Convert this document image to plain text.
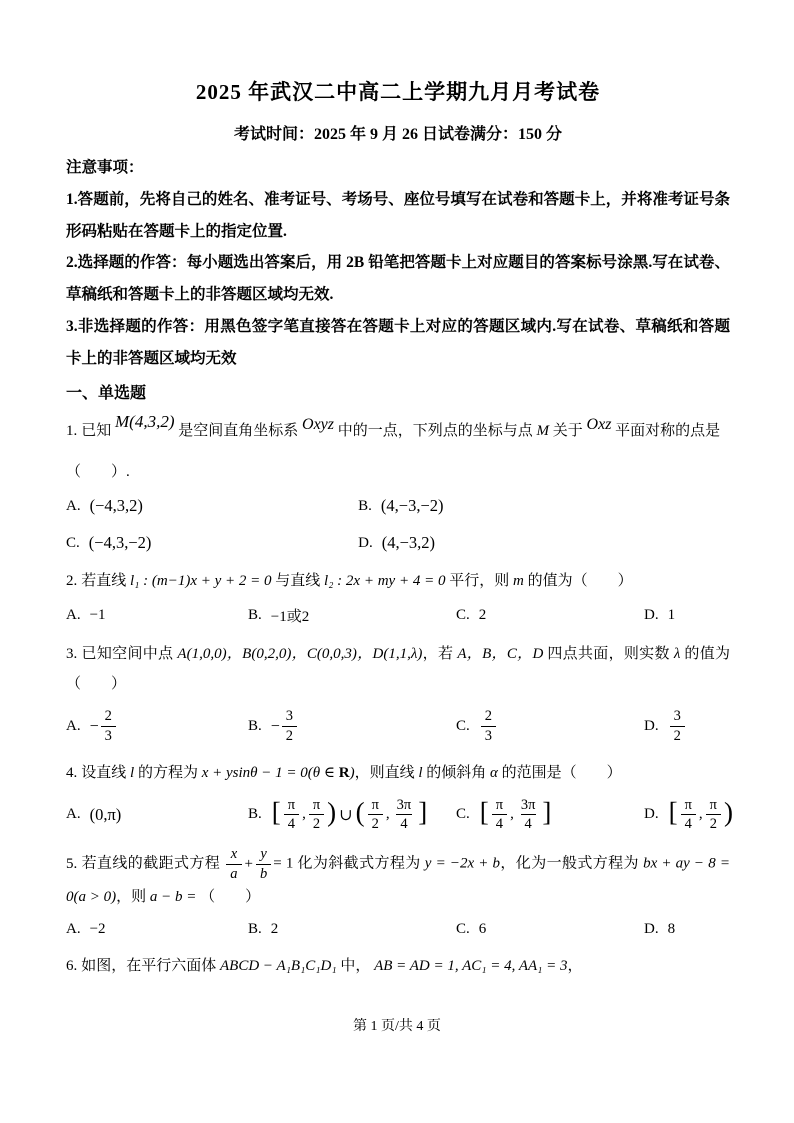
2025 年武汉二中高二上学期九月月考试卷
考试时间：2025 年 9 月 26 日试卷满分：150 分

注意事项：

1.答题前，先将自己的姓名、准考证号、考场号、座位号填写在试卷和答题卡上，并将准考证号条形码粘贴在答题卡上的指定位置.

2.选择题的作答：每小题选出答案后，用 2B 铅笔把答题卡上对应题目的答案标号涂黑.写在试卷、草稿纸和答题卡上的非答题区域均无效.

3.非选择题的作答：用黑色签字笔直接答在答题卡上对应的答题区域内.写在试卷、草稿纸和答题卡上的非答题区域均无效

一、单选题

1. 已知 M(4,3,2) 是空间直角坐标系 Oxyz 中的一点，下列点的坐标与点 M 关于 Oxz 平面对称的点是

（　　）.

A. (−4,3,2)	B. (4,−3,−2)
C. (−4,3,−2)	D. (4,−3,2)

2. 若直线 l₁ : (m−1)x + y + 2 = 0 与直线 l₂ : 2x + my + 4 = 0 平行，则 m 的值为（　　）

A. −1	B. −1或2	C. 2	D. 1

3. 已知空间中点 A(1,0,0)，B(0,2,0)，C(0,0,3)，D(1,1,λ)，若 A，B，C，D 四点共面，则实数 λ 的值为（　　）

A. − $\frac{2}{3}$	B. − $\frac{3}{2}$	C. $\frac{2}{3}$	D. $\frac{3}{2}$

4. 设直线 l 的方程为 x + ysinθ − 1 = 0(θ ∈ R)，则直线 l 的倾斜角 α 的范围是（　　）

A. (0,π)	B. [ $\frac{\pi}{4}$ , $\frac{\pi}{2}$ ) ∪ ( $\frac{\pi}{2}$ , $\frac{3\pi}{4}$ ] C. [ $\frac{\pi}{4}$ , $\frac{3\pi}{4}$ ]	D. [ $\frac{\pi}{4}$ , $\frac{\pi}{2}$ )

5. 若直线的截距式方程 $\frac{x}{a} + \frac{y}{b} = 1$ 化为斜截式方程为 y = −2x + b，化为一般式方程为 bx + ay − 8 = 0(a > 0)，则 a − b = （　　）

A. −2	B. 2	C. 6	D. 8

6. 如图，在平行六面体 ABCD − A₁B₁C₁D₁ 中， AB = AD = 1, AC₁ = 4, AA₁ = 3，

第 1 页/共 4 页
